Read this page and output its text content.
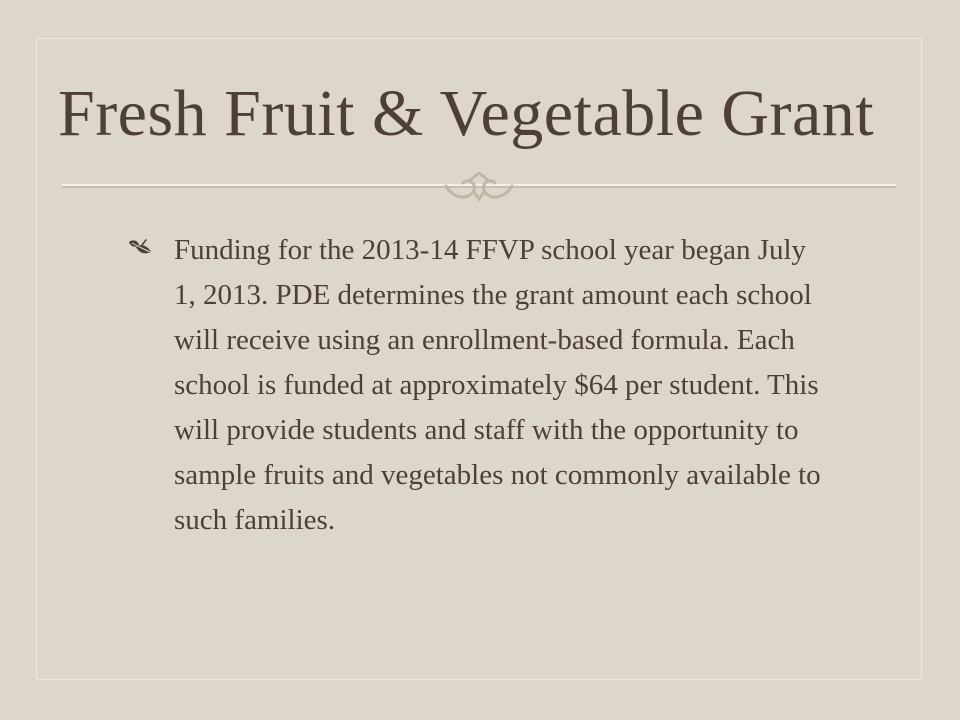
Fresh Fruit & Vegetable Grant

Funding for the 2013-14 FFVP school year began July 1, 2013. PDE determines the grant amount each school will receive using an enrollment-based formula. Each school is funded at approximately $64 per student. This will provide students and staff with the opportunity to sample fruits and vegetables not commonly available to such families.
